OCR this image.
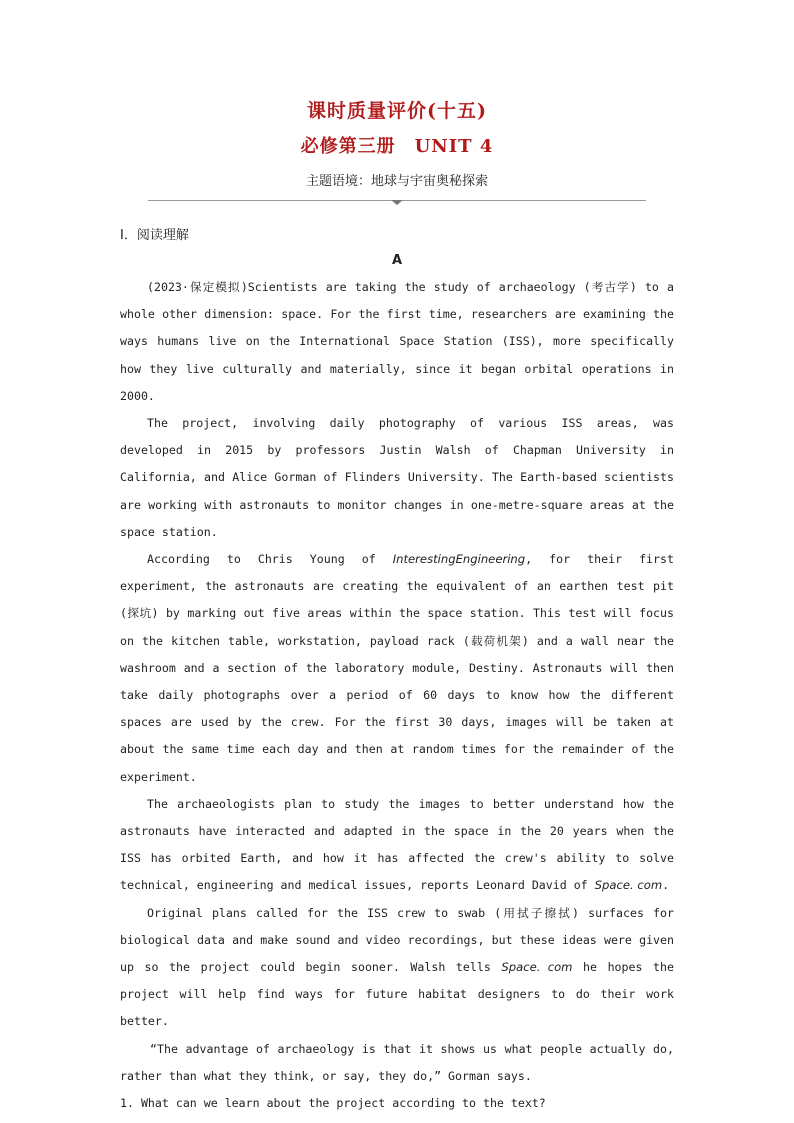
课时质量评价(十五)
必修第三册　UNIT 4
主题语境：地球与宇宙奥秘探索
Ⅰ．阅读理解
A

(2023·保定模拟)Scientists are taking the study of archaeology (考古学) to a whole other dimension: space. For the first time, researchers are examining the ways humans live on the International Space Station (ISS), more specifically how they live culturally and materially, since it began orbital operations in 2000.

The project, involving daily photography of various ISS areas, was developed in 2015 by professors Justin Walsh of Chapman University in California, and Alice Gorman of Flinders University. The Earth-based scientists are working with astronauts to monitor changes in one-metre-square areas at the space station.

According to Chris Young of InterestingEngineering, for their first experiment, the astronauts are creating the equivalent of an earthen test pit (探坑) by marking out five areas within the space station. This test will focus on the kitchen table, workstation, payload rack (载荷机架) and a wall near the washroom and a section of the laboratory module, Destiny. Astronauts will then take daily photographs over a period of 60 days to know how the different spaces are used by the crew. For the first 30 days, images will be taken at about the same time each day and then at random times for the remainder of the experiment.

The archaeologists plan to study the images to better understand how the astronauts have interacted and adapted in the space in the 20 years when the ISS has orbited Earth, and how it has affected the crew's ability to solve technical, engineering and medical issues, reports Leonard David of Space. com.

Original plans called for the ISS crew to swab (用拭子擦拭) surfaces for biological data and make sound and video recordings, but these ideas were given up so the project could begin sooner. Walsh tells Space. com he hopes the project will help find ways for future habitat designers to do their work better.

“The advantage of archaeology is that it shows us what people actually do, rather than what they think, or say, they do,” Gorman says.

1. What can we learn about the project according to the text?
